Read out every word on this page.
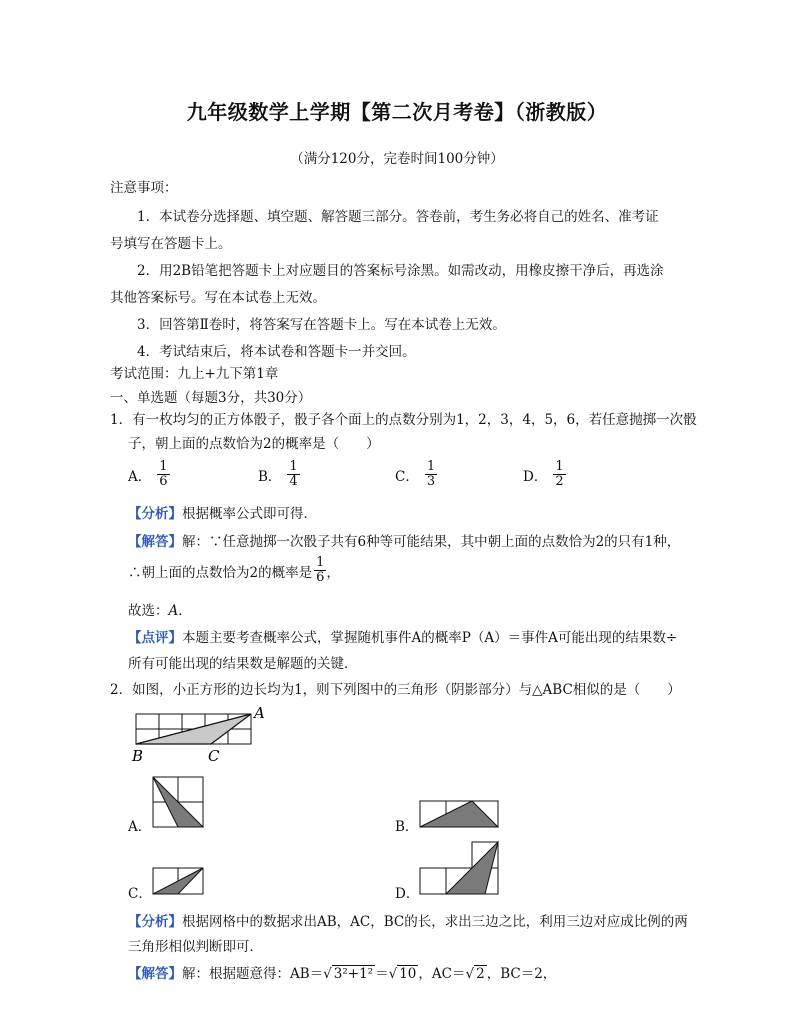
九年级数学上学期【第二次月考卷】（浙教版）
（满分120分，完卷时间100分钟）
注意事项：
1．本试卷分选择题、填空题、解答题三部分。答卷前，考生务必将自己的姓名、准考证
号填写在答题卡上。
2．用2B铅笔把答题卡上对应题目的答案标号涂黑。如需改动，用橡皮擦干净后，再选涂
其他答案标号。写在本试卷上无效。
3．回答第Ⅱ卷时，将答案写在答题卡上。写在本试卷上无效。
4．考试结束后，将本试卷和答题卡一并交回。
考试范围：九上+九下第1章
一、单选题（每题3分，共30分）
1．有一枚均匀的正方体骰子，骰子各个面上的点数分别为1，2，3，4，5，6，若任意抛掷一次骰
子，朝上面的点数恰为2的概率是（　　）
A． $\frac{1}{6}$	B． $\frac{1}{4}$	C． $\frac{1}{3}$	D． $\frac{1}{2}$
【分析】根据概率公式即可得．
【解答】解：∵任意抛掷一次骰子共有6种等可能结果，其中朝上面的点数恰为2的只有1种，
∴朝上面的点数恰为2的概率是 $\frac{1}{6}$ ，
故选：A．
【点评】本题主要考查概率公式，掌握随机事件A的概率P（A）＝事件A可能出现的结果数÷
所有可能出现的结果数是解题的关键．
2．如图，小正方形的边长均为1，则下列图中的三角形（阴影部分）与△ABC相似的是（　　）
A
B	C
A．	B．
C．	D．
【分析】根据网格中的数据求出AB，AC，BC的长，求出三边之比，利用三边对应成比例的两
三角形相似判断即可．
【解答】解：根据题意得：AB＝√ 3²+1² ＝√ 10 ，AC＝√ 2 ，BC＝2，
